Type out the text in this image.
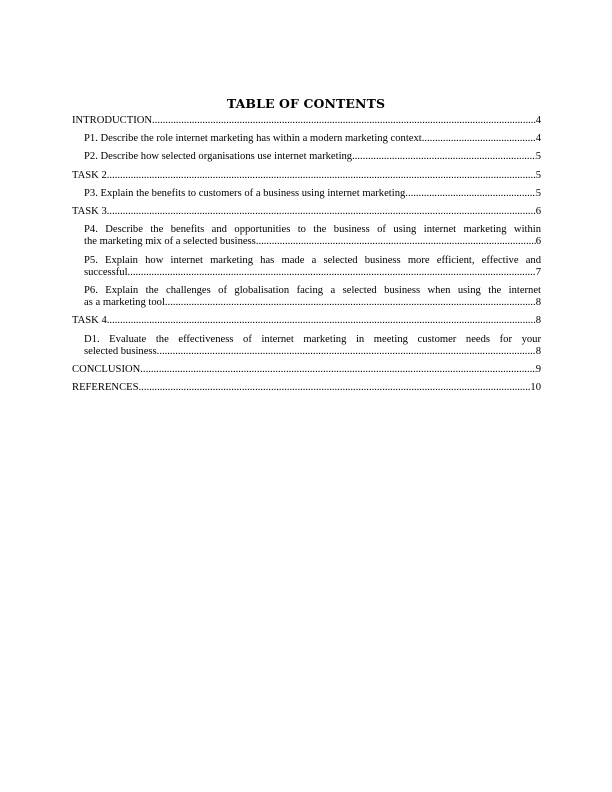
TABLE OF CONTENTS
INTRODUCTION .....	4
P1. Describe the role internet marketing has within a modern marketing context .....	4
P2. Describe how selected organisations use internet marketing .....	5
TASK 2 .....	5
P3. Explain the benefits to customers of a business using internet marketing .....	5
TASK 3 .....	6
P4. Describe the benefits and opportunities to the business of using internet marketing within
the marketing mix of a selected business .....	6
P5. Explain how internet marketing has made a selected business more efficient, effective and
successful .....	7
P6. Explain the challenges of globalisation facing a selected business when using the internet
as a marketing tool .....	8
TASK 4 .....	8
D1. Evaluate the effectiveness of internet marketing in meeting customer needs for your
selected business .....	8
CONCLUSION .....	9
REFERENCES .....	10
